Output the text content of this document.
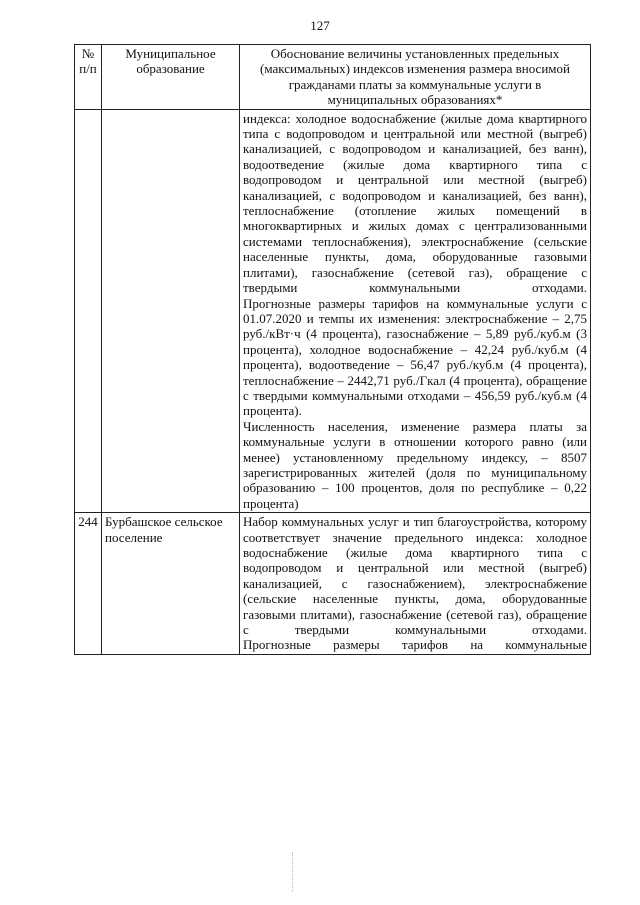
127
№ п/п	Муниципальное образование	Обоснование величины установленных предельных (максимальных) индексов изменения размера вносимой гражданами платы за коммунальные услуги в муниципальных образованиях*

		индекса: холодное водоснабжение (жилые дома квартирного типа с водопроводом и центральной или местной (выгреб) канализацией, с водопроводом и канализацией, без ванн), водоотведение (жилые дома квартирного типа с водопроводом и центральной или местной (выгреб) канализацией, с водопроводом и канализацией, без ванн), теплоснабжение (отопление жилых помещений в многоквартирных и жилых домах с централизованными системами теплоснабжения), электроснабжение (сельские населенные пункты, дома, оборудованные газовыми плитами), газоснабжение (сетевой газ), обращение с твердыми коммунальными отходами.
Прогнозные размеры тарифов на коммунальные услуги с 01.07.2020 и темпы их изменения: электроснабжение – 2,75 руб./кВт·ч (4 процента), газоснабжение – 5,89 руб./куб.м (3 процента), холодное водоснабжение – 42,24 руб./куб.м (4 процента), водоотведение – 56,47 руб./куб.м (4 процента), теплоснабжение – 2442,71 руб./Гкал (4 процента), обращение с твердыми коммунальными отходами – 456,59 руб./куб.м (4 процента).
Численность населения, изменение размера платы за коммунальные услуги в отношении которого равно (или менее) установленному предельному индексу, – 8507 зарегистрированных жителей (доля по муниципальному образованию – 100 процентов, доля по республике – 0,22 процента)

244	Бурбашское сельское поселение	Набор коммунальных услуг и тип благоустройства, которому соответствует значение предельного индекса: холодное водоснабжение (жилые дома квартирного типа с водопроводом и центральной или местной (выгреб) канализацией, с газоснабжением), электроснабжение (сельские населенные пункты, дома, оборудованные газовыми плитами), газоснабжение (сетевой газ), обращение с твердыми коммунальными отходами.
Прогнозные размеры тарифов на коммунальные
